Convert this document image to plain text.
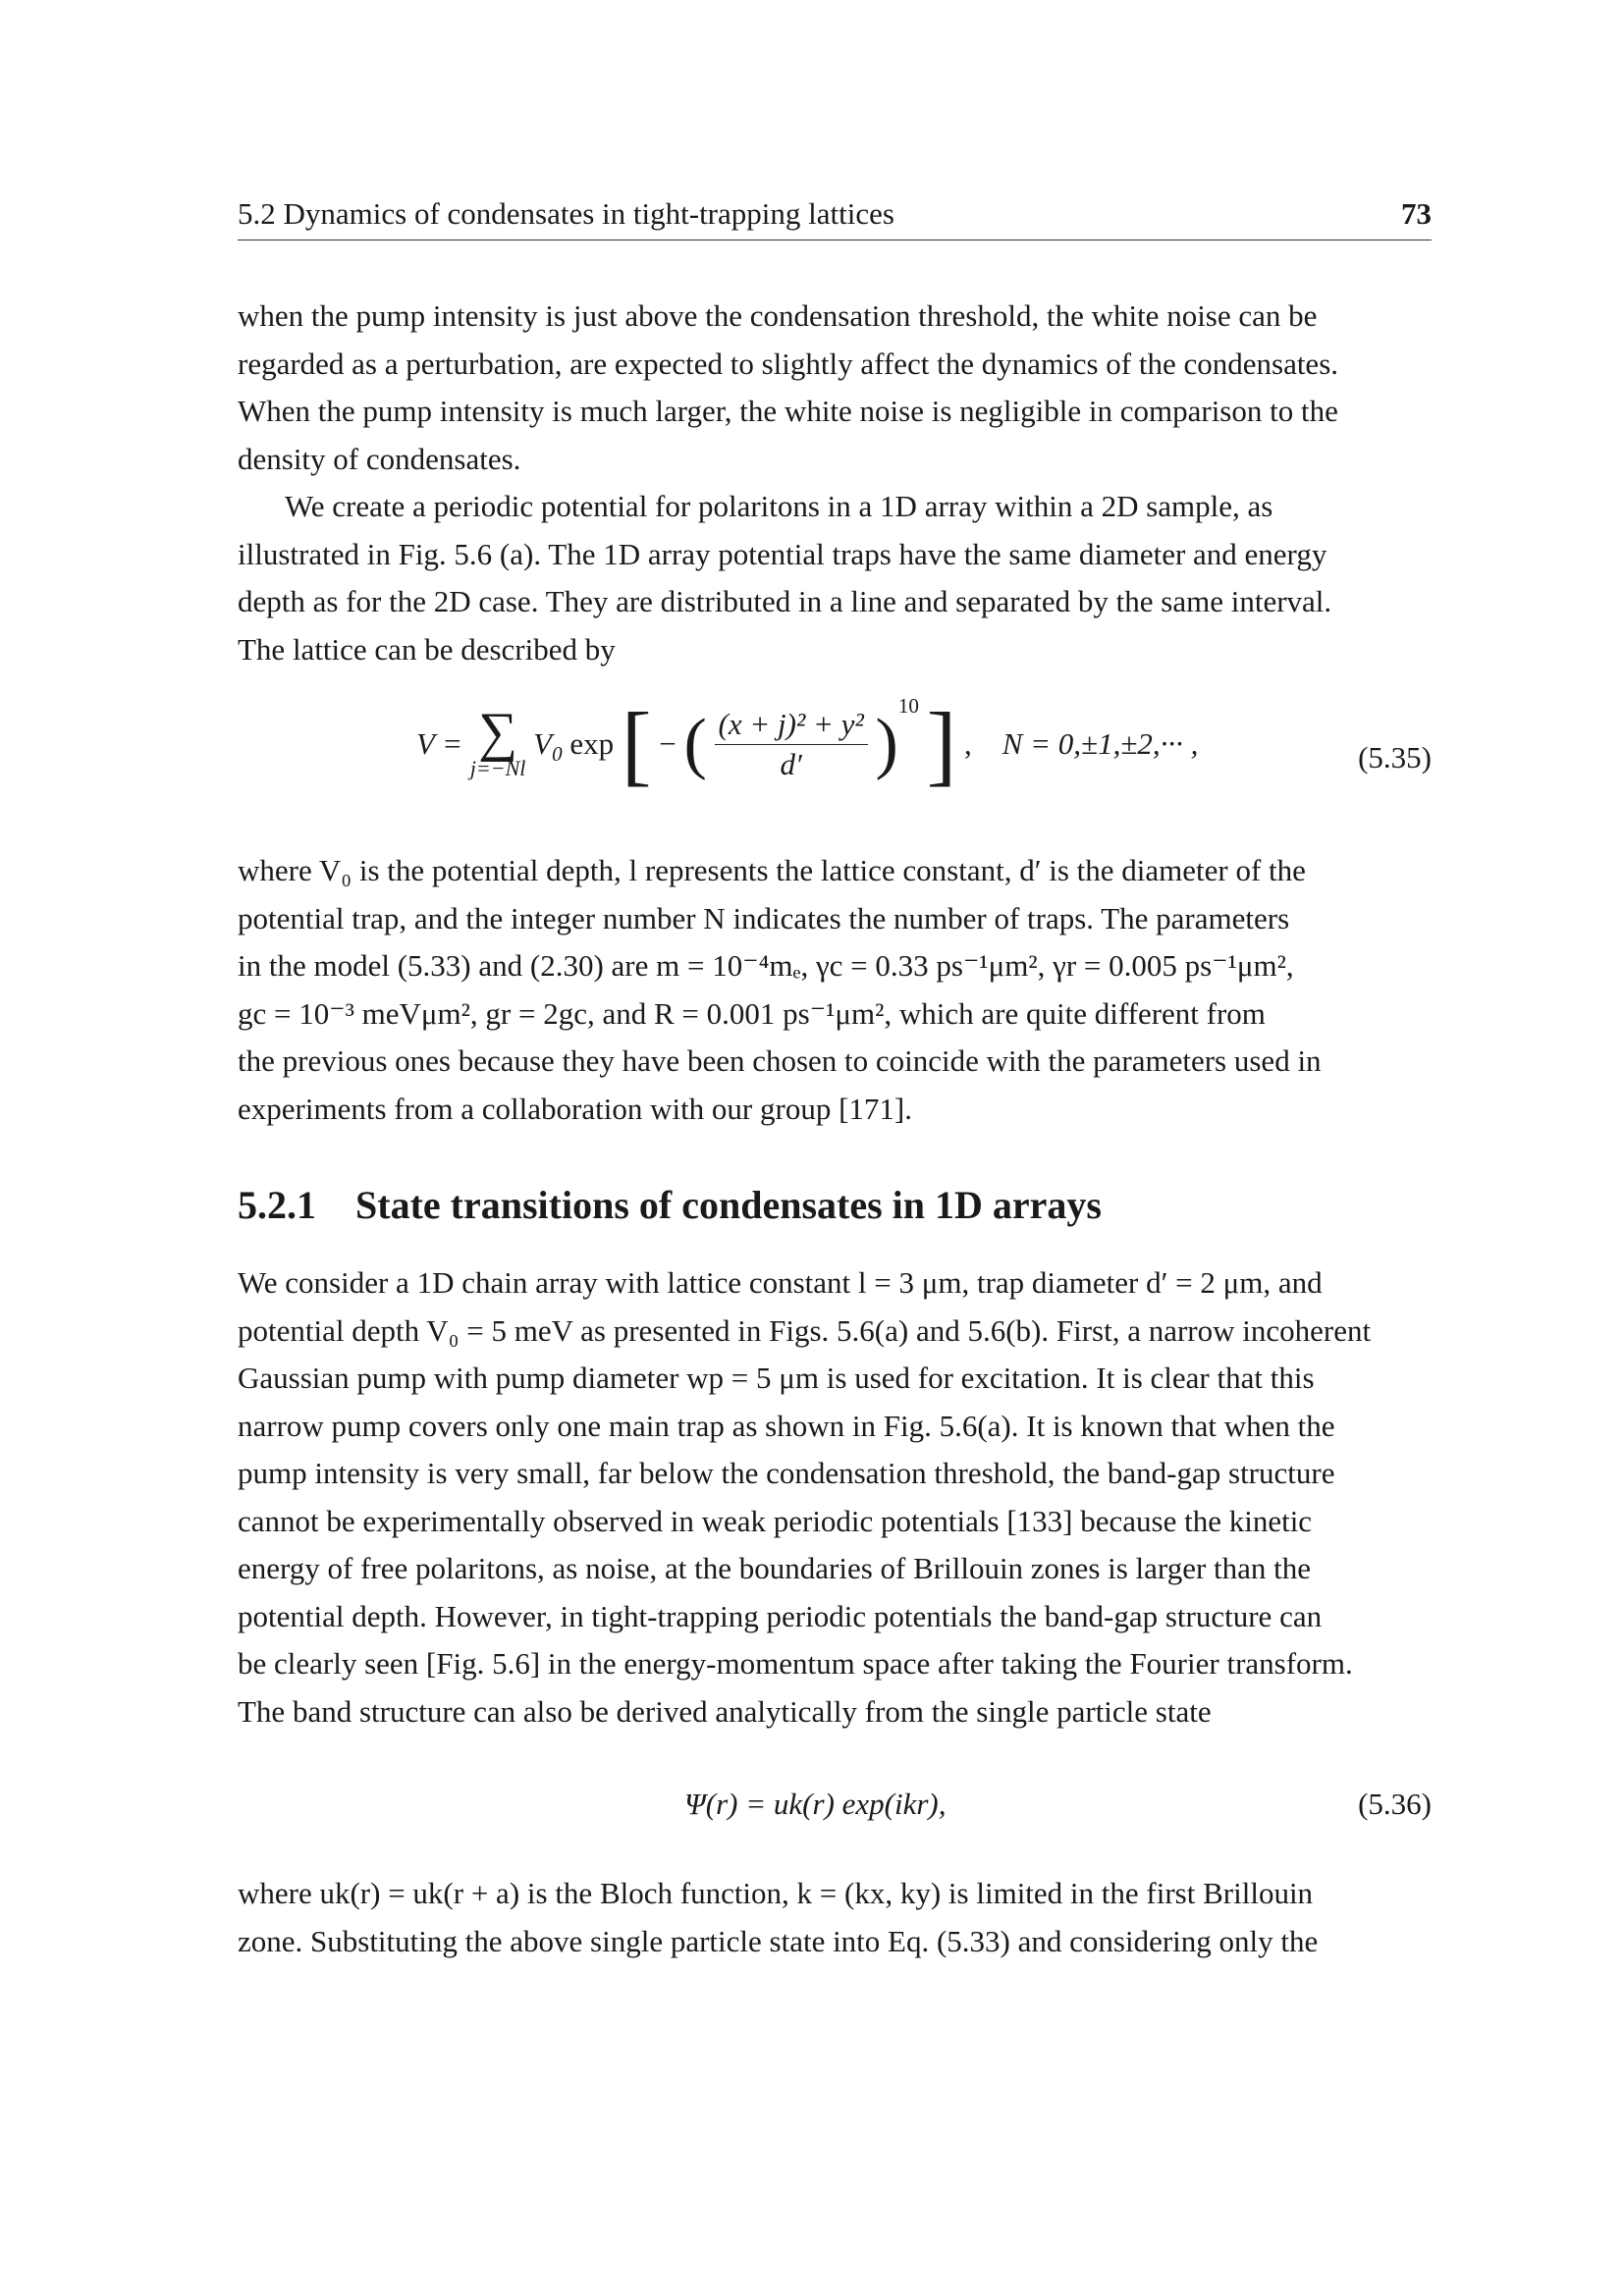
5.2 Dynamics of condensates in tight-trapping lattices	73

when the pump intensity is just above the condensation threshold, the white noise can be

regarded as a perturbation, are expected to slightly affect the dynamics of the condensates.

When the pump intensity is much larger, the white noise is negligible in comparison to the

density of condensates.

We create a periodic potential for polaritons in a 1D array within a 2D sample, as

illustrated in Fig. 5.6 (a). The 1D array potential traps have the same diameter and energy

depth as for the 2D case. They are distributed in a line and separated by the same interval.

The lattice can be described by

V = ∑
j=−Nl
$V_0$ exp [ − ( $\frac{\text{(x + j)² + y²}}{d'} )^{10}$ ] ,    N = 0,±1,±2,··· ,	(5.35)

where V₀ is the potential depth, l represents the lattice constant, d′ is the diameter of the

potential trap, and the integer number N indicates the number of traps. The parameters

in the model (5.33) and (2.30) are m = 10⁻⁴mₑ, γc = 0.33 ps⁻¹μm², γr = 0.005 ps⁻¹μm²,

gc = 10⁻³ meVμm², gr = 2gc, and R = 0.001 ps⁻¹μm², which are quite different from

the previous ones because they have been chosen to coincide with the parameters used in

experiments from a collaboration with our group [171].

5.2.1 State transitions of condensates in 1D arrays

We consider a 1D chain array with lattice constant l = 3 μm, trap diameter d′ = 2 μm, and

potential depth V₀ = 5 meV as presented in Figs. 5.6(a) and 5.6(b). First, a narrow incoherent

Gaussian pump with pump diameter wp = 5 μm is used for excitation. It is clear that this

narrow pump covers only one main trap as shown in Fig. 5.6(a). It is known that when the

pump intensity is very small, far below the condensation threshold, the band-gap structure

cannot be experimentally observed in weak periodic potentials [133] because the kinetic

energy of free polaritons, as noise, at the boundaries of Brillouin zones is larger than the

potential depth. However, in tight-trapping periodic potentials the band-gap structure can

be clearly seen [Fig. 5.6] in the energy-momentum space after taking the Fourier transform.

The band structure can also be derived analytically from the single particle state

Ψ(r) = uk(r) exp(ikr),	(5.36)

where uk(r) = uk(r + a) is the Bloch function, k = (kx, ky) is limited in the first Brillouin

zone. Substituting the above single particle state into Eq. (5.33) and considering only the
